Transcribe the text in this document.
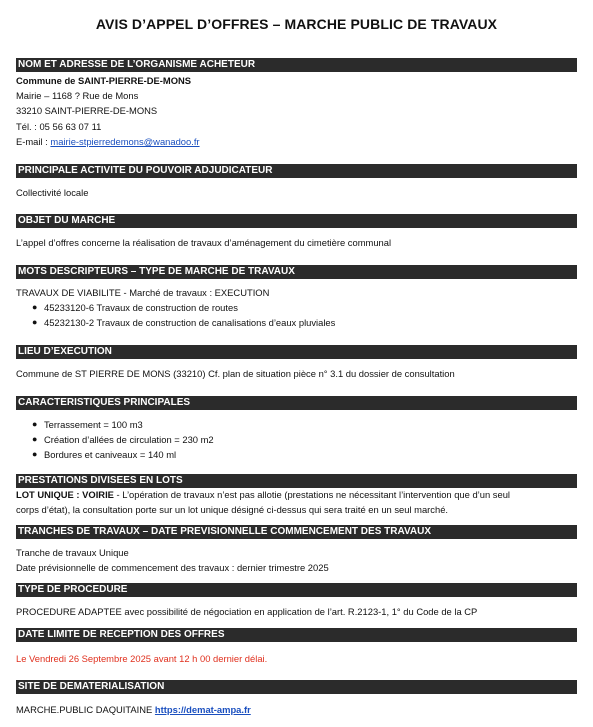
AVIS D’APPEL D’OFFRES – MARCHE PUBLIC DE TRAVAUX
NOM ET ADRESSE DE L’ORGANISME ACHETEUR
Commune de SAINT-PIERRE-DE-MONS
Mairie – 1168 ? Rue de Mons
33210 SAINT-PIERRE-DE-MONS
Tél. : 05 56 63 07 11
E-mail : mairie-stpierredemons@wanadoo.fr
PRINCIPALE ACTIVITE DU POUVOIR ADJUDICATEUR
Collectivité locale
OBJET DU MARCHE
L’appel d’offres concerne la réalisation de travaux d’aménagement du cimetière communal
MOTS DESCRIPTEURS – TYPE DE MARCHE DE TRAVAUX
TRAVAUX DE VIABILITE - Marché de travaux : EXECUTION
● 45233120-6 Travaux de construction de routes
● 45232130-2 Travaux de construction de canalisations d’eaux pluviales
LIEU D’EXECUTION
Commune de ST PIERRE DE MONS (33210) Cf. plan de situation pièce n° 3.1 du dossier de consultation
CARACTERISTIQUES PRINCIPALES
● Terrassement = 100 m3
● Création d’allées de circulation = 230 m2
● Bordures et caniveaux = 140 ml
PRESTATIONS DIVISEES EN LOTS
LOT UNIQUE : VOIRIE - L’opération de travaux n’est pas allotie (prestations ne nécessitant l’intervention que d’un seul
corps d’état), la consultation porte sur un lot unique désigné ci-dessus qui sera traité en un seul marché.
TRANCHES DE TRAVAUX – DATE PREVISIONNELLE COMMENCEMENT DES TRAVAUX
Tranche de travaux Unique
Date prévisionnelle de commencement des travaux : dernier trimestre 2025
TYPE DE PROCEDURE
PROCEDURE ADAPTEE avec possibilité de négociation en application de l’art. R.2123-1, 1° du Code de la CP
DATE LIMITE DE RECEPTION DES OFFRES
Le Vendredi 26 Septembre 2025 avant 12 h 00 dernier délai.
SITE DE DEMATERIALISATION
MARCHE.PUBLIC DAQUITAINE https://demat-ampa.fr
